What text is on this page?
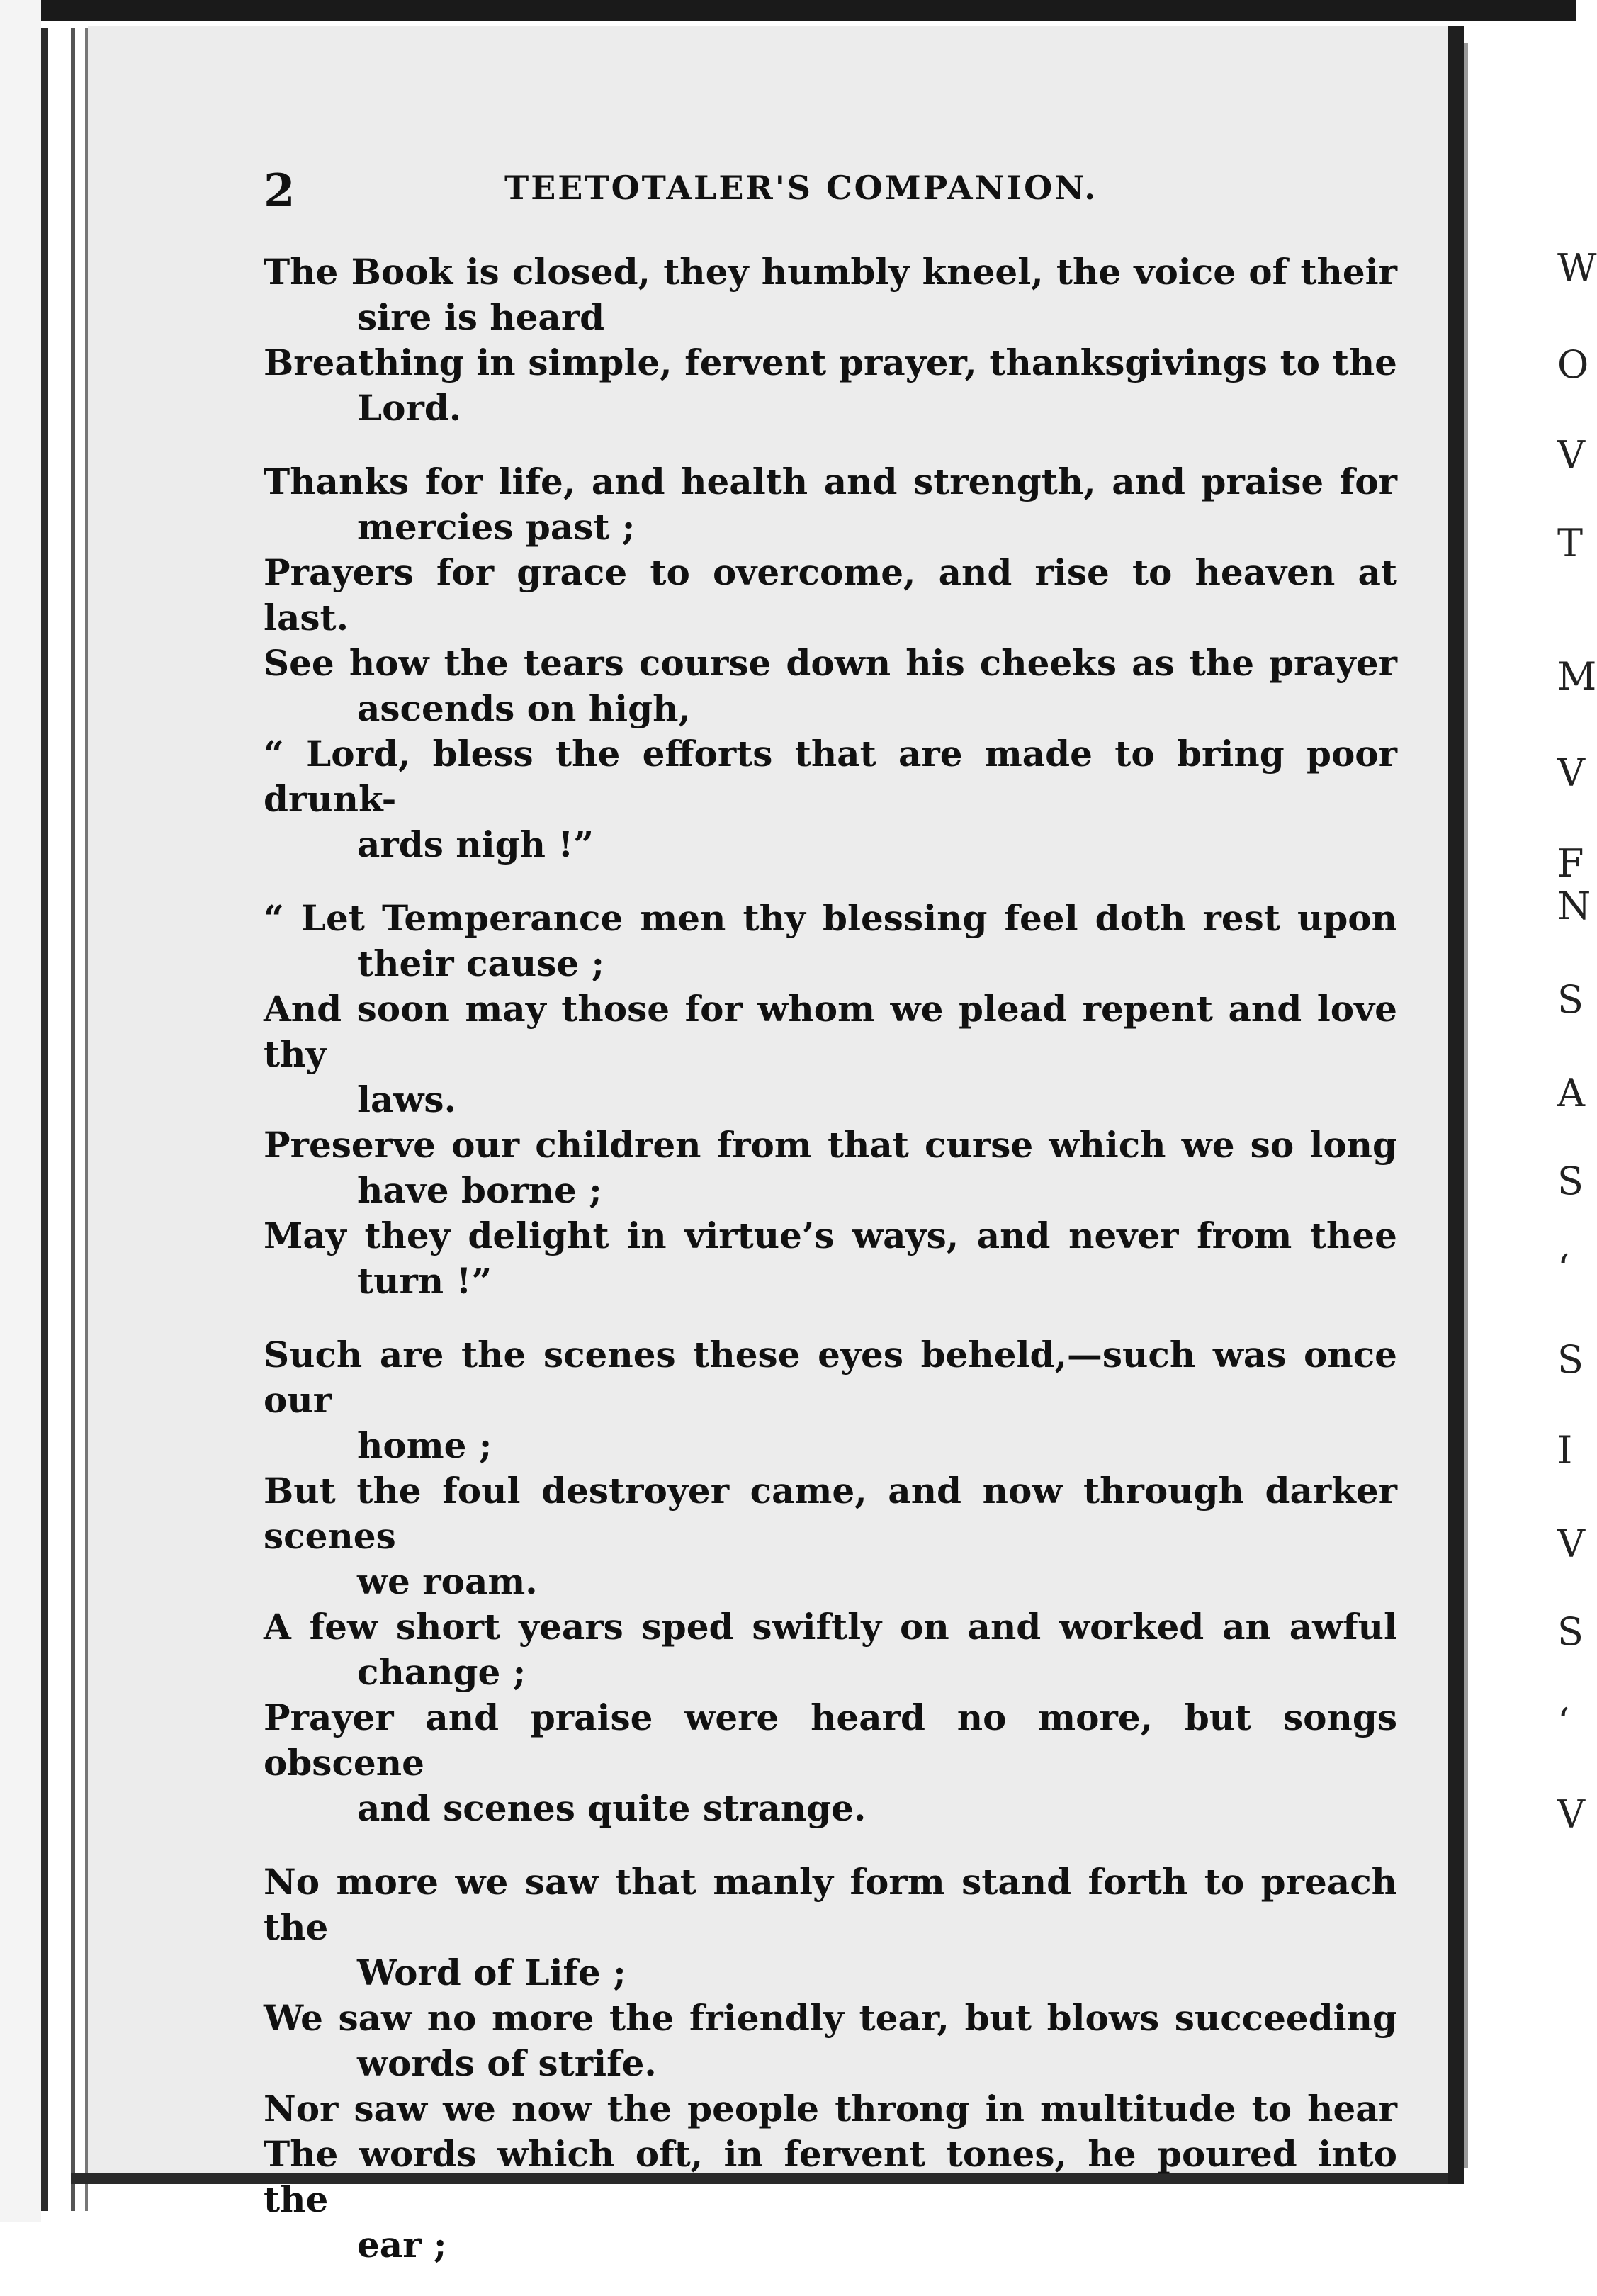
W
O
V
T
M
V
F
N
S
A
S
‘
S
I
V
S
‘
V
2	TEETOTALER'S COMPANION.

The Book is closed, they humbly kneel, the voice of their

sire is heard

Breathing in simple, fervent prayer, thanksgivings to the

Lord.

Thanks for life, and health and strength, and praise for

mercies past ;

Prayers for grace to overcome, and rise to heaven at last.

See how the tears course down his cheeks as the prayer

ascends on high,

“ Lord, bless the efforts that are made to bring poor drunk-

ards nigh !”

“ Let Temperance men thy blessing feel doth rest upon

their cause ;

And soon may those for whom we plead repent and love thy

laws.

Preserve our children from that curse which we so long

have borne ;

May they delight in virtue’s ways, and never from thee

turn !”

Such are the scenes these eyes beheld,—such was once our

home ;

But the foul destroyer came, and now through darker scenes

we roam.

A few short years sped swiftly on and worked an awful

change ;

Prayer and praise were heard no more, but songs obscene

and scenes quite strange.

No more we saw that manly form stand forth to preach the

Word of Life ;

We saw no more the friendly tear, but blows succeeding

words of strife.

Nor saw we now the people throng in multitude to hear

The words which oft, in fervent tones, he poured into the

ear ;
